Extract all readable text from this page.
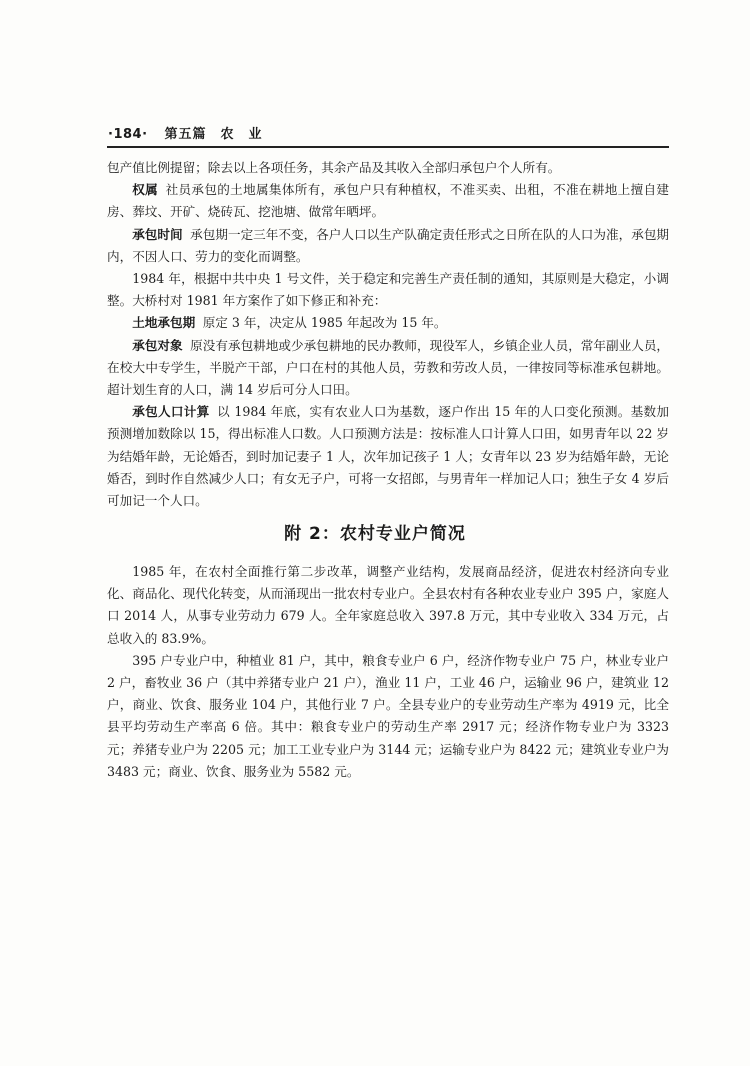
·184· 第五篇　农　业

包产值比例提留；除去以上各项任务，其余产品及其收入全部归承包户个人所有。

权属 社员承包的土地属集体所有，承包户只有种植权，不准买卖、出租，不准在耕地上擅自建房、葬坟、开矿、烧砖瓦、挖池塘、做常年晒坪。

承包时间 承包期一定三年不变，各户人口以生产队确定责任形式之日所在队的人口为准，承包期内，不因人口、劳力的变化而调整。

1984 年，根据中共中央 1 号文件，关于稳定和完善生产责任制的通知，其原则是大稳定，小调整。大桥村对 1981 年方案作了如下修正和补充：

土地承包期 原定 3 年，决定从 1985 年起改为 15 年。

承包对象 原没有承包耕地或少承包耕地的民办教师，现役军人，乡镇企业人员，常年副业人员，在校大中专学生，半脱产干部，户口在村的其他人员，劳教和劳改人员，一律按同等标准承包耕地。超计划生育的人口，满 14 岁后可分人口田。

承包人口计算 以 1984 年底，实有农业人口为基数，逐户作出 15 年的人口变化预测。基数加预测增加数除以 15，得出标准人口数。人口预测方法是：按标准人口计算人口田，如男青年以 22 岁为结婚年龄，无论婚否，到时加记妻子 1 人，次年加记孩子 1 人；女青年以 23 岁为结婚年龄，无论婚否，到时作自然减少人口；有女无子户，可将一女招郎，与男青年一样加记人口；独生子女 4 岁后可加记一个人口。

附 2：农村专业户简况

1985 年，在农村全面推行第二步改革，调整产业结构，发展商品经济，促进农村经济向专业化、商品化、现代化转变，从而涌现出一批农村专业户。全县农村有各种农业专业户 395 户，家庭人口 2014 人，从事专业劳动力 679 人。全年家庭总收入 397.8 万元，其中专业收入 334 万元，占总收入的 83.9%。

395 户专业户中，种植业 81 户，其中，粮食专业户 6 户，经济作物专业户 75 户，林业专业户 2 户，畜牧业 36 户（其中养猪专业户 21 户），渔业 11 户，工业 46 户，运输业 96 户，建筑业 12 户，商业、饮食、服务业 104 户，其他行业 7 户。全县专业户的专业劳动生产率为 4919 元，比全县平均劳动生产率高 6 倍。其中：粮食专业户的劳动生产率 2917 元；经济作物专业户为 3323 元；养猪专业户为 2205 元；加工工业专业户为 3144 元；运输专业户为 8422 元；建筑业专业户为 3483 元；商业、饮食、服务业为 5582 元。
